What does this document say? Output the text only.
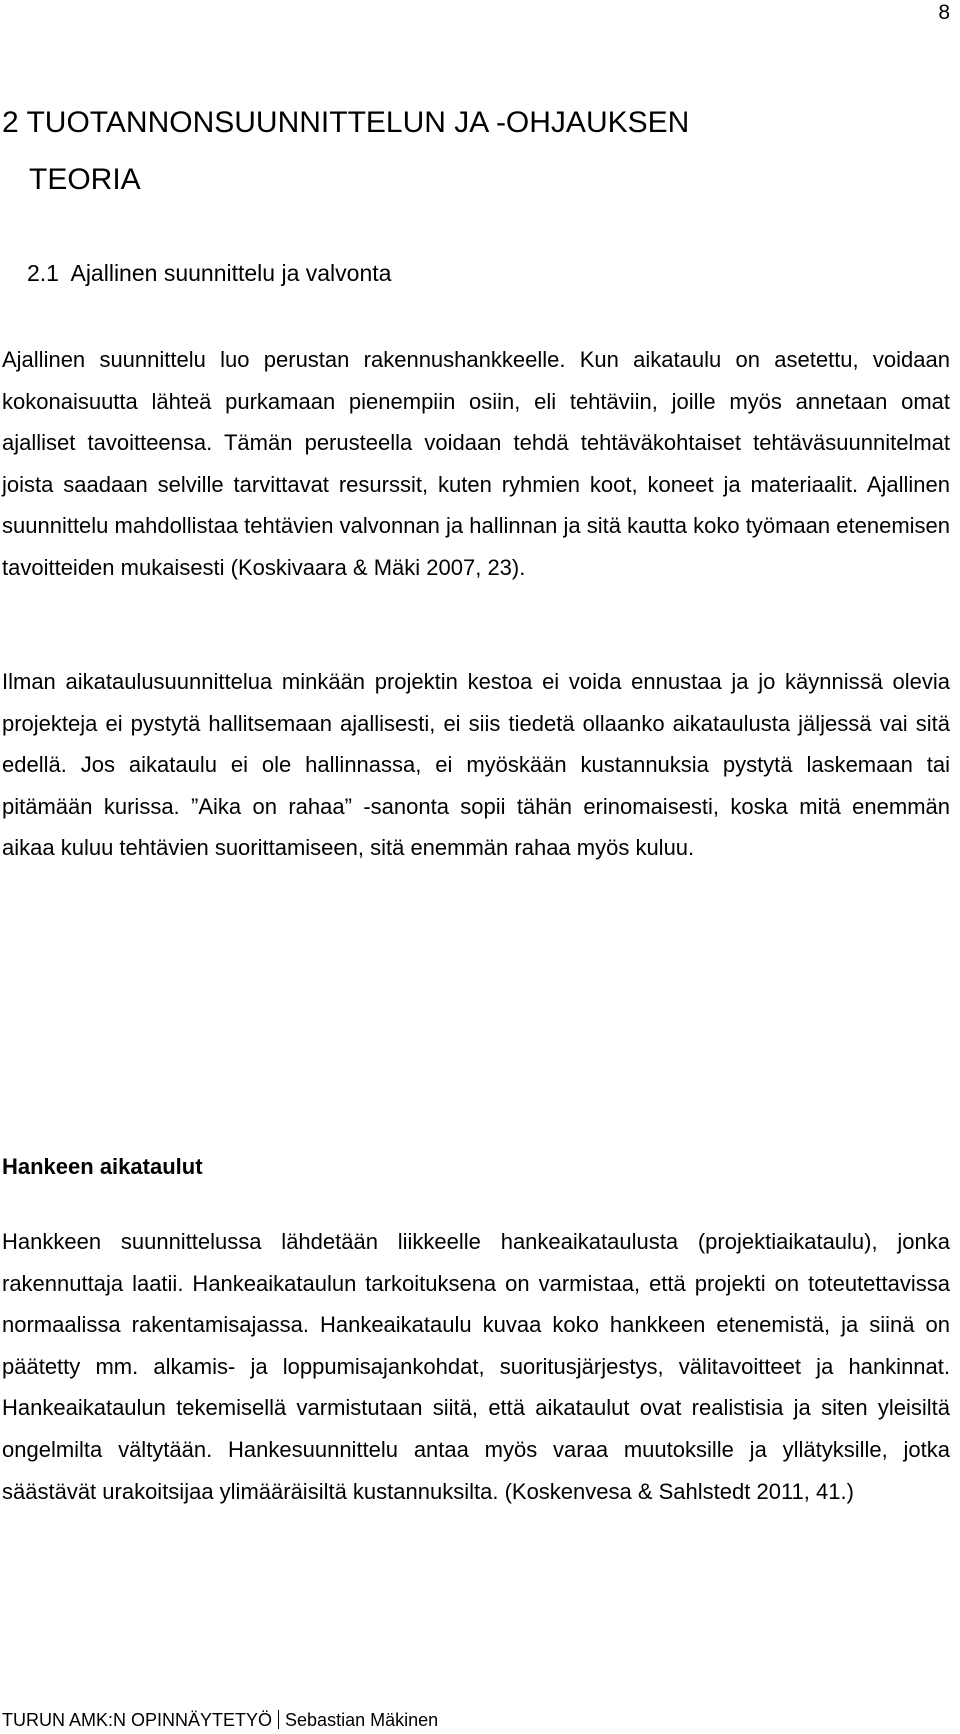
8
2 TUOTANNONSUUNNITTELUN JA -OHJAUKSEN
TEORIA
2.1  Ajallinen suunnittelu ja valvonta

Ajallinen suunnittelu luo perustan rakennushankkeelle. Kun aikataulu on asetettu, voidaan kokonaisuutta lähteä purkamaan pienempiin osiin, eli tehtäviin, joille myös annetaan omat ajalliset tavoitteensa. Tämän perusteella voidaan tehdä tehtäväkohtaiset tehtäväsuunnitelmat joista saadaan selville tarvittavat resurssit, kuten ryhmien koot, koneet ja materiaalit. Ajallinen suunnittelu mahdollistaa tehtävien valvonnan ja hallinnan ja sitä kautta koko työmaan etenemisen tavoitteiden mukaisesti (Koskivaara & Mäki 2007, 23).

Ilman aikataulusuunnittelua minkään projektin kestoa ei voida ennustaa ja jo käynnissä olevia projekteja ei pystytä hallitsemaan ajallisesti, ei siis tiedetä ollaanko aikataulusta jäljessä vai sitä edellä. Jos aikataulu ei ole hallinnassa, ei myöskään kustannuksia pystytä laskemaan tai pitämään kurissa. ”Aika on rahaa” -sanonta sopii tähän erinomaisesti, koska mitä enemmän aikaa kuluu tehtävien suorittamiseen, sitä enemmän rahaa myös kuluu.

Hankeen aikataulut

Hankkeen suunnittelussa lähdetään liikkeelle hankeaikataulusta (projektiaikataulu), jonka rakennuttaja laatii. Hankeaikataulun tarkoituksena on varmistaa, että projekti on toteutettavissa normaalissa rakentamisajassa. Hankeaikataulu kuvaa koko hankkeen etenemistä, ja siinä on päätetty mm. alkamis- ja loppumisajankohdat, suoritusjärjestys, välitavoitteet ja hankinnat. Hankeaikataulun tekemisellä varmistutaan siitä, että aikataulut ovat realistisia ja siten yleisiltä ongelmilta vältytään. Hankesuunnittelu antaa myös varaa muutoksille ja yllätyksille, jotka säästävät urakoitsijaa ylimääräisiltä kustannuksilta. (Koskenvesa & Sahlstedt 2011, 41.)

TURUN AMK:N OPINNÄYTETYÖ Sebastian Mäkinen
